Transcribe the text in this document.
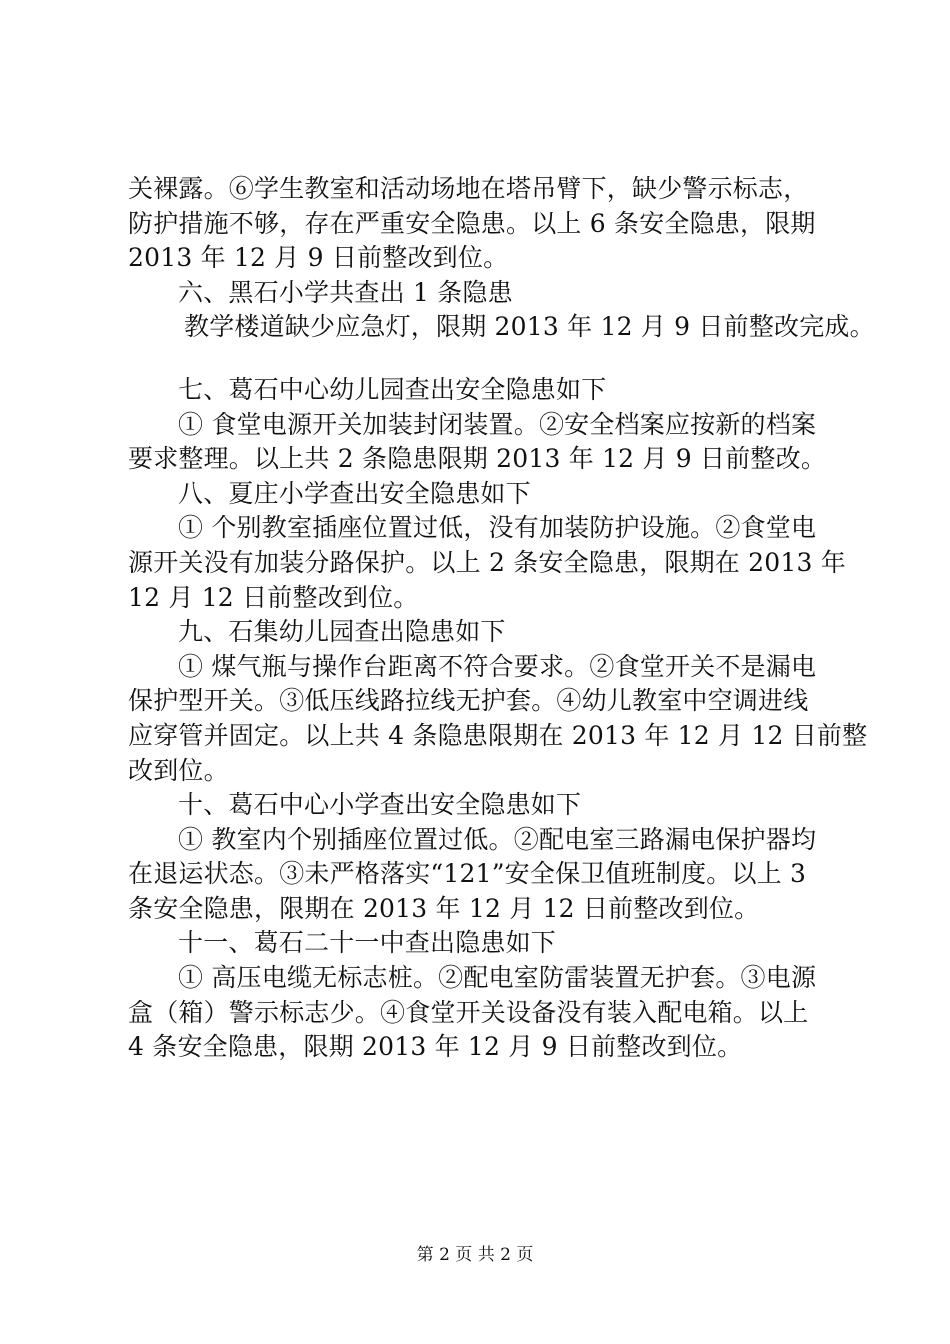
关裸露。⑥学生教室和活动场地在塔吊臂下，缺少警示标志，
防护措施不够，存在严重安全隐患。以上 6 条安全隐患，限期
2013 年 12 月 9 日前整改到位。
六、黑石小学共查出 1 条隐患
教学楼道缺少应急灯，限期 2013 年 12 月 9 日前整改完成。
七、葛石中心幼儿园查出安全隐患如下
① 食堂电源开关加装封闭装置。②安全档案应按新的档案
要求整理。以上共 2 条隐患限期 2013 年 12 月 9 日前整改。
八、夏庄小学查出安全隐患如下
① 个别教室插座位置过低，没有加装防护设施。②食堂电
源开关没有加装分路保护。以上 2 条安全隐患，限期在 2013 年
12 月 12 日前整改到位。
九、石集幼儿园查出隐患如下
① 煤气瓶与操作台距离不符合要求。②食堂开关不是漏电
保护型开关。③低压线路拉线无护套。④幼儿教室中空调进线
应穿管并固定。以上共 4 条隐患限期在 2013 年 12 月 12 日前整
改到位。
十、葛石中心小学查出安全隐患如下
① 教室内个别插座位置过低。②配电室三路漏电保护器均
在退运状态。③未严格落实“121”安全保卫值班制度。以上 3
条安全隐患，限期在 2013 年 12 月 12 日前整改到位。
十一、葛石二十一中查出隐患如下
① 高压电缆无标志桩。②配电室防雷装置无护套。③电源
盒（箱）警示标志少。④食堂开关设备没有装入配电箱。以上
4 条安全隐患，限期 2013 年 12 月 9 日前整改到位。
第 2 页 共 2 页
